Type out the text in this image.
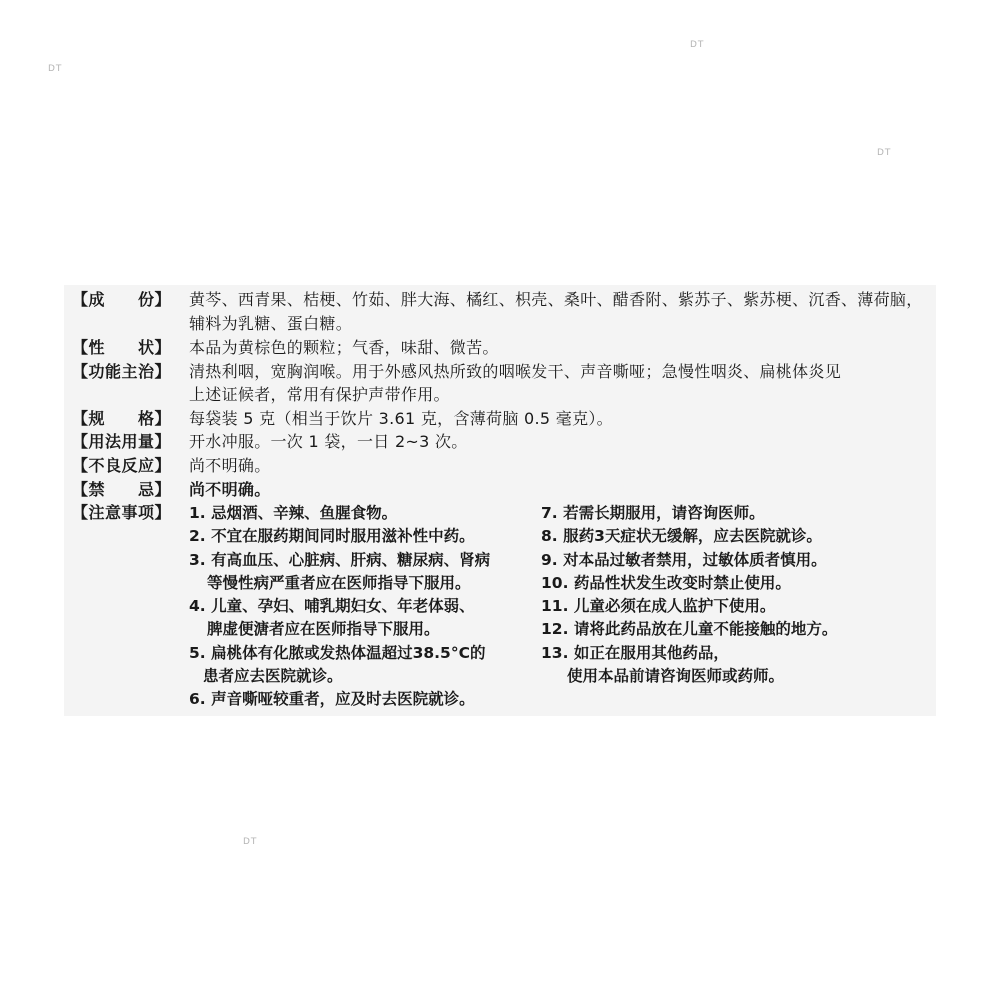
DT
DT
DT
DT
【成　　份】 黄芩、西青果、桔梗、竹茹、胖大海、橘红、枳壳、桑叶、醋香附、紫苏子、紫苏梗、沉香、薄荷脑，
辅料为乳糖、蛋白糖。
【性　　状】 本品为黄棕色的颗粒；气香，味甜、微苦。
【功能主治】 清热利咽，宽胸润喉。用于外感风热所致的咽喉发干、声音嘶哑；急慢性咽炎、扁桃体炎见
上述证候者，常用有保护声带作用。
【规　　格】 每袋装 5 克（相当于饮片 3.61 克，含薄荷脑 0.5 毫克）。
【用法用量】 开水冲服。一次 1 袋，一日 2~3 次。
【不良反应】 尚不明确。
【禁　　忌】 尚不明确。
【注意事项】 1. 忌烟酒、辛辣、鱼腥食物。
2. 不宜在服药期间同时服用滋补性中药。
3. 有高血压、心脏病、肝病、糖尿病、肾病
等慢性病严重者应在医师指导下服用。
4. 儿童、孕妇、哺乳期妇女、年老体弱、
脾虚便溏者应在医师指导下服用。
5. 扁桃体有化脓或发热体温超过38.5°C的
患者应去医院就诊。
6. 声音嘶哑较重者，应及时去医院就诊。
7. 若需长期服用，请咨询医师。
8. 服药3天症状无缓解，应去医院就诊。
9. 对本品过敏者禁用，过敏体质者慎用。
10. 药品性状发生改变时禁止使用。
11. 儿童必须在成人监护下使用。
12. 请将此药品放在儿童不能接触的地方。
13. 如正在服用其他药品，
使用本品前请咨询医师或药师。
